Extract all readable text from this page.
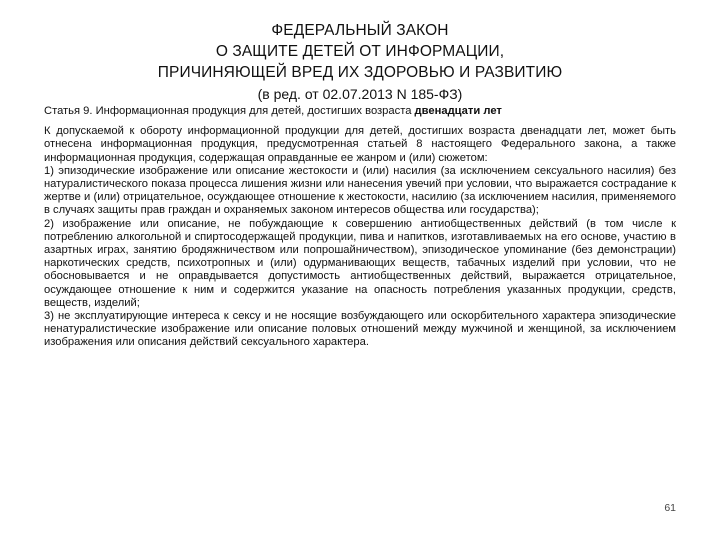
ФЕДЕРАЛЬНЫЙ ЗАКОН
О ЗАЩИТЕ ДЕТЕЙ ОТ ИНФОРМАЦИИ,
ПРИЧИНЯЮЩЕЙ ВРЕД ИХ ЗДОРОВЬЮ И РАЗВИТИЮ
(в ред. от 02.07.2013 N 185-ФЗ)

Статья 9. Информационная продукция для детей, достигших возраста двенадцати лет

К допускаемой к обороту информационной продукции для детей, достигших возраста двенадцати лет, может быть отнесена информационная продукция, предусмотренная статьей 8 настоящего Федерального закона, а также информационная продукция, содержащая оправданные ее жанром и (или) сюжетом:

1) эпизодические изображение или описание жестокости и (или) насилия (за исключением сексуального насилия) без натуралистического показа процесса лишения жизни или нанесения увечий при условии, что выражается сострадание к жертве и (или) отрицательное, осуждающее отношение к жестокости, насилию (за исключением насилия, применяемого в случаях защиты прав граждан и охраняемых законом интересов общества или государства);

2) изображение или описание, не побуждающие к совершению антиобщественных действий (в том числе к потреблению алкогольной и спиртосодержащей продукции, пива и напитков, изготавливаемых на его основе, участию в азартных играх, занятию бродяжничеством или попрошайничеством), эпизодическое упоминание (без демонстрации) наркотических средств, психотропных и (или) одурманивающих веществ, табачных изделий при условии, что не обосновывается и не оправдывается допустимость антиобщественных действий, выражается отрицательное, осуждающее отношение к ним и содержится указание на опасность потребления указанных продукции, средств, веществ, изделий;

3) не эксплуатирующие интереса к сексу и не носящие возбуждающего или оскорбительного характера эпизодические ненатуралистические изображение или описание половых отношений между мужчиной и женщиной, за исключением изображения или описания действий сексуального характера.

61
